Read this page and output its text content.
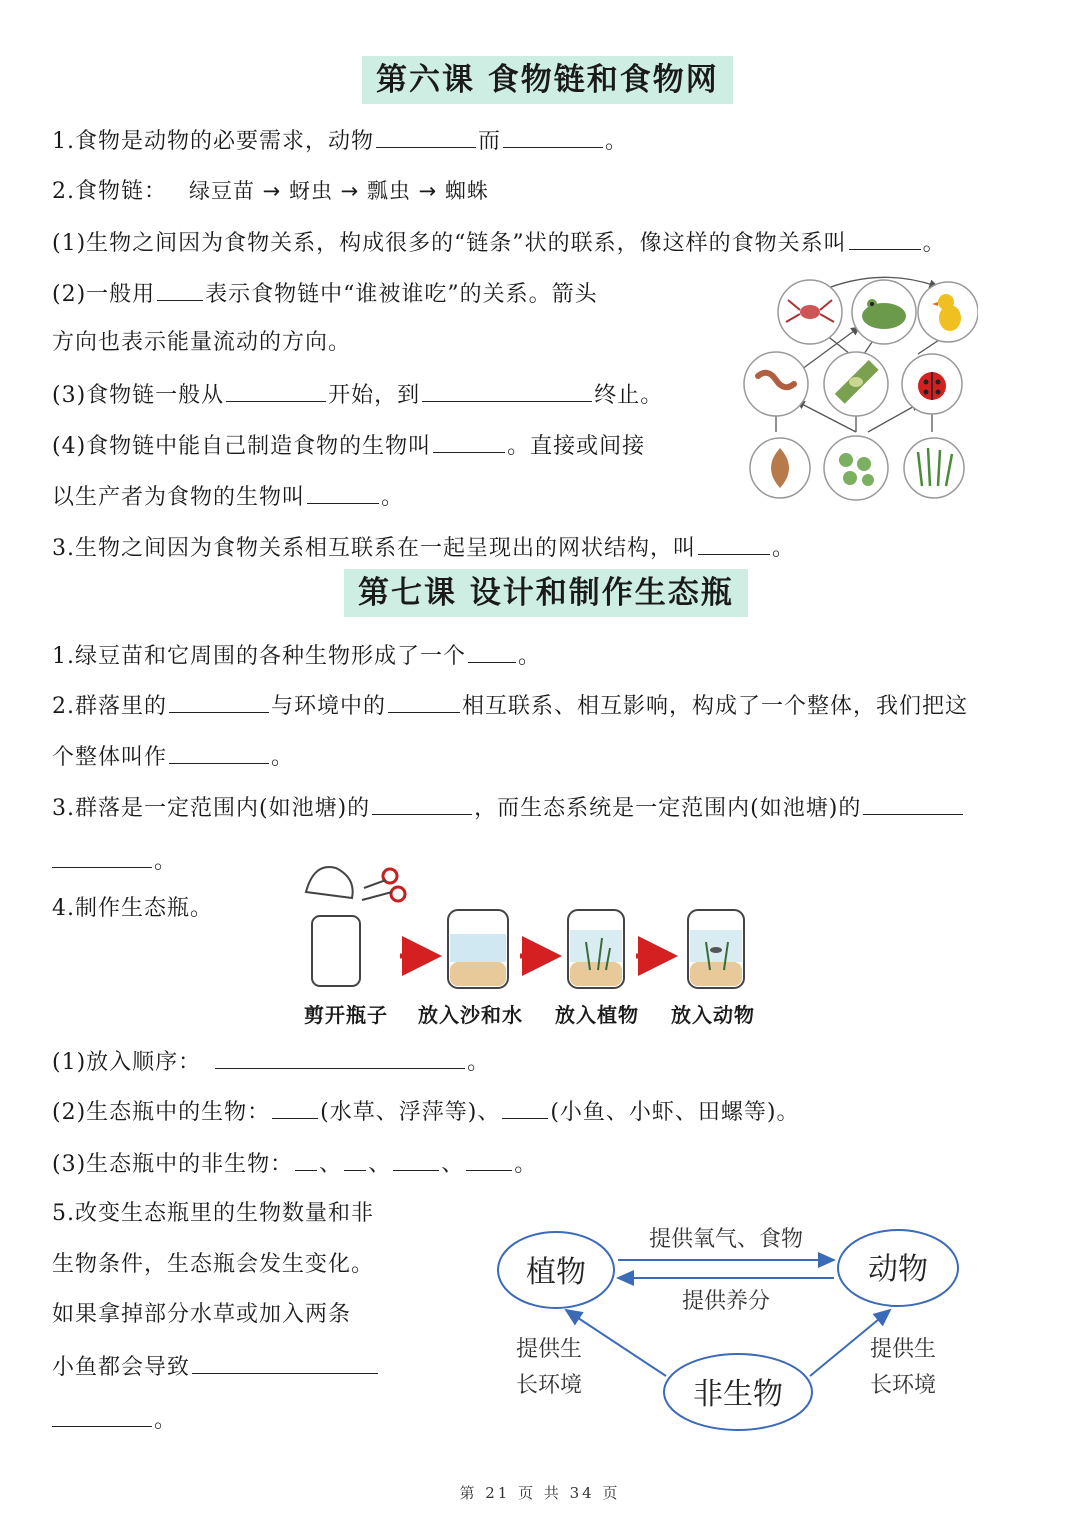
第六课 食物链和食物网
1.食物是动物的必要需求，动物	而	。
2.食物链： 绿豆苗 → 蚜虫 → 瓢虫 → 蜘蛛
(1)生物之间因为食物关系，构成很多的“链条”状的联系，像这样的食物关系叫	。
(2)一般用 表示食物链中“谁被谁吃”的关系。箭头
方向也表示能量流动的方向。
(3)食物链一般从	开始，到	终止。
(4)食物链中能自己制造食物的生物叫	。直接或间接
以生产者为食物的生物叫	。
3.生物之间因为食物关系相互联系在一起呈现出的网状结构，叫	。
第七课 设计和制作生态瓶
1.绿豆苗和它周围的各种生物形成了一个 。
2.群落里的	与环境中的	相互联系、相互影响，构成了一个整体，我们把这
个整体叫作	。
3.群落是一定范围内(如池塘)的	，而生态系统是一定范围内(如池塘)的
。
4.制作生态瓶。
剪开瓶子 放入沙和水 放入植物 放入动物
(1)放入顺序：	。
(2)生态瓶中的生物： (水草、浮萍等)、 (小鱼、小虾、田螺等)。
(3)生态瓶中的非生物： 、 、 、 。
5.改变生态瓶里的生物数量和非
生物条件，生态瓶会发生变化。
如果拿掉部分水草或加入两条
小鱼都会导致
。
植物	动物
非生物
提供氧气、食物
提供养分
提供生
长环境
提供生
长环境
第 21 页 共 34 页
